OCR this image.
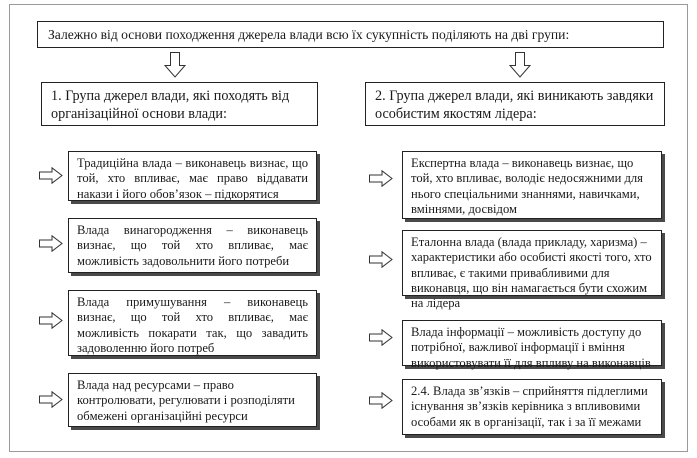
Залежно від основи походження джерела влади всю їх сукупність поділяють на дві групи:
1. Група джерел влади, які походять від організаційної основи влади:
2. Група джерел влади, які виникають завдяки особистим якостям лідера:
Традиційна влада – виконавець визнає, що той, хто впливає, має право віддавати накази і його обов’язок – підкорятися
Влада винагородження – виконавець визнає, що той хто впливає, має можливість задовольнити його потреби
Влада примушування – виконавець визнає, що той хто впливає, має можливість покарати так, що завадить задоволенню його потреб
Влада над ресурсами – право контролювати, регулювати і розподіляти обмежені організаційні ресурси
Експертна влада – виконавець визнає, що той, хто впливає, володіє недосяжними для нього спеціальними знаннями, навичками, вміннями, досвідом
Еталонна влада (влада прикладу, харизма) – характеристики або особисті якості того, хто впливає, є такими привабливими для виконавця, що він намагається бути схожим на лідера
Влада інформації – можливість доступу до потрібної, важливої інформації і вміння використовувати її для впливу на виконавців
2.4. Влада зв’язків – сприйняття підлеглими існування зв’язків керівника з впливовими особами як в організації, так і за її межами
